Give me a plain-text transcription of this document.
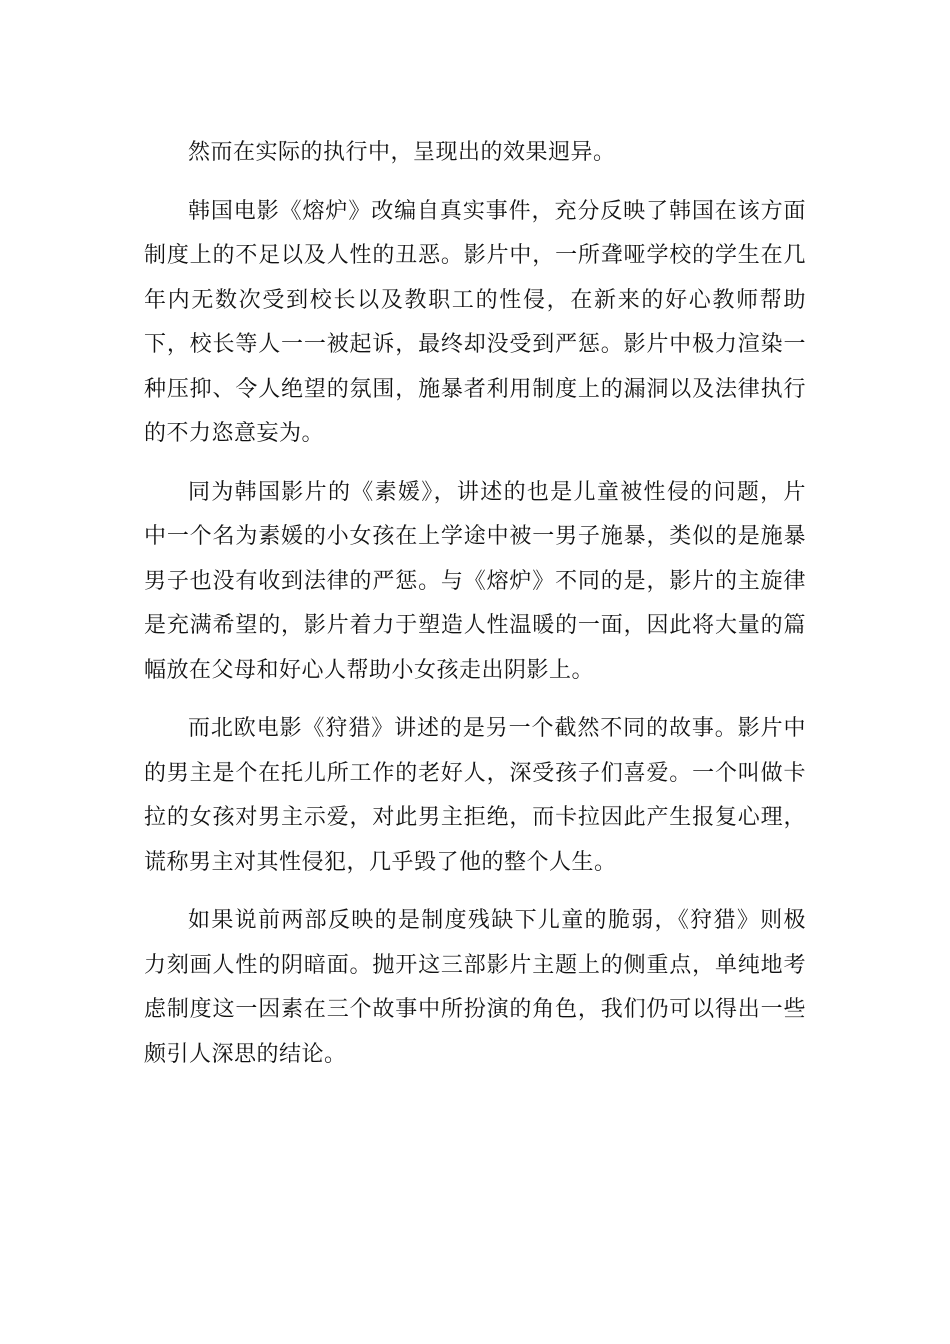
然而在实际的执行中，呈现出的效果迥异。

韩国电影《熔炉》改编自真实事件，充分反映了韩国在该方面制度上的不足以及人性的丑恶。影片中，一所聋哑学校的学生在几年内无数次受到校长以及教职工的性侵，在新来的好心教师帮助下，校长等人一一被起诉，最终却没受到严惩。影片中极力渲染一种压抑、令人绝望的氛围，施暴者利用制度上的漏洞以及法律执行的不力恣意妄为。

同为韩国影片的《素媛》，讲述的也是儿童被性侵的问题，片中一个名为素媛的小女孩在上学途中被一男子施暴，类似的是施暴男子也没有收到法律的严惩。与《熔炉》不同的是，影片的主旋律是充满希望的，影片着力于塑造人性温暖的一面，因此将大量的篇幅放在父母和好心人帮助小女孩走出阴影上。

而北欧电影《狩猎》讲述的是另一个截然不同的故事。影片中的男主是个在托儿所工作的老好人，深受孩子们喜爱。一个叫做卡拉的女孩对男主示爱，对此男主拒绝，而卡拉因此产生报复心理，谎称男主对其性侵犯，几乎毁了他的整个人生。

如果说前两部反映的是制度残缺下儿童的脆弱，《狩猎》则极力刻画人性的阴暗面。抛开这三部影片主题上的侧重点，单纯地考虑制度这一因素在三个故事中所扮演的角色，我们仍可以得出一些颇引人深思的结论。
